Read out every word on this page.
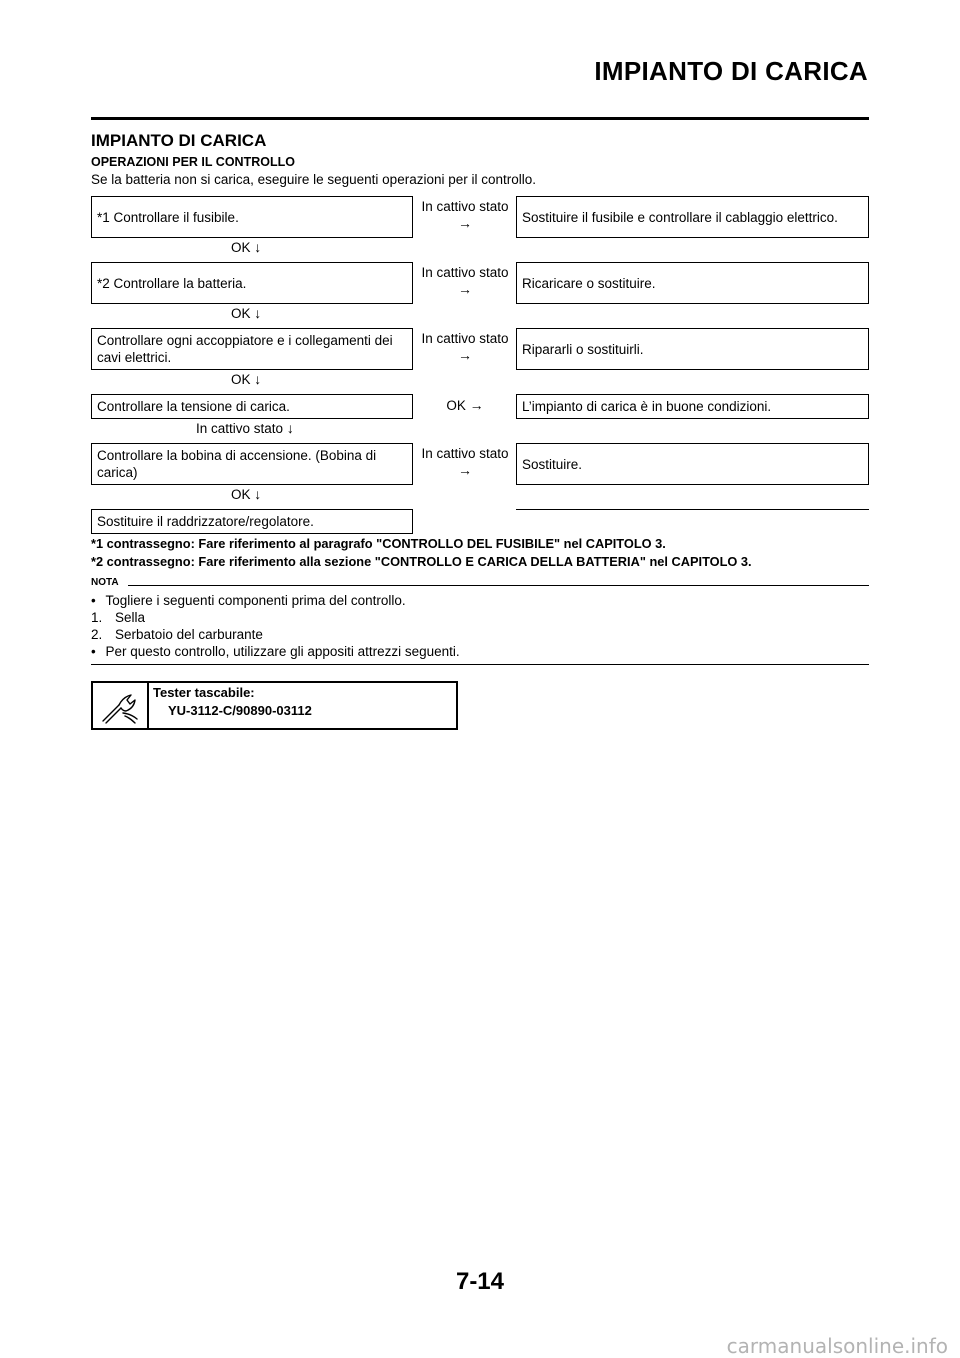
IMPIANTO DI CARICA
IMPIANTO DI CARICA
OPERAZIONI PER IL CONTROLLO
Se la batteria non si carica, eseguire le seguenti operazioni per il controllo.
*1 Controllare il fusibile.
In cattivo stato
→	Sostituire il fusibile e controllare il cablaggio elettrico.
OK ↓
*2 Controllare la batteria.
In cattivo stato
→	Ricaricare o sostituire.
OK ↓
Controllare ogni accoppiatore e i collegamenti dei cavi elettrici.
In cattivo stato
→	Ripararli o sostituirli.
OK ↓
Controllare la tensione di carica.	OK →	L’impianto di carica è in buone condizioni.
In cattivo stato ↓
Controllare la bobina di accensione. (Bobina di carica)
In cattivo stato
→	Sostituire.
OK ↓
Sostituire il raddrizzatore/regolatore.
*1 contrassegno: Fare riferimento al paragrafo "CONTROLLO DEL FUSIBILE" nel CAPITOLO 3.
*2 contrassegno: Fare riferimento alla sezione "CONTROLLO E CARICA DELLA BATTERIA" nel CAPITOLO 3.
NOTA
• Togliere i seguenti componenti prima del controllo.
1. Sella
2. Serbatoio del carburante
• Per questo controllo, utilizzare gli appositi attrezzi seguenti.
Tester tascabile:
YU-3112-C/90890-03112
7-14
carmanualsonline.info
